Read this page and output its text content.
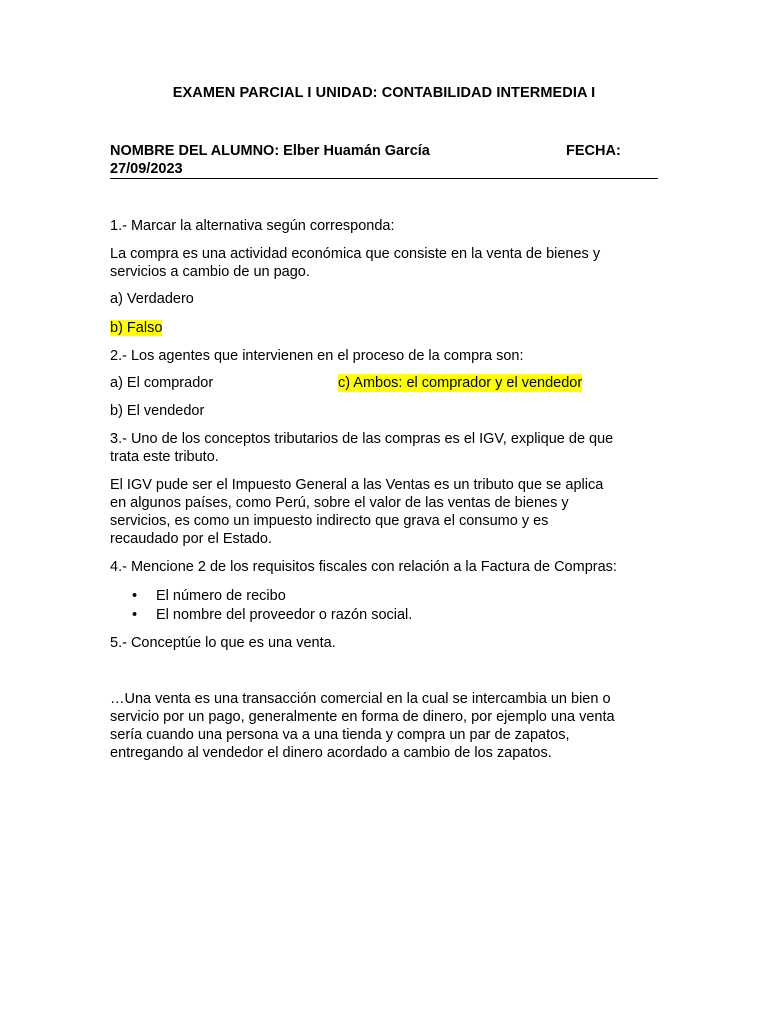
EXAMEN PARCIAL I UNIDAD: CONTABILIDAD INTERMEDIA I
NOMBRE DEL ALUMNO: Elber Huamán García	FECHA:
27/09/2023
1.- Marcar la alternativa según corresponda:
La compra es una actividad económica que consiste en la venta de bienes y
servicios a cambio de un pago.
a) Verdadero
b) Falso
2.- Los agentes que intervienen en el proceso de la compra son:
a) El comprador	c) Ambos: el comprador y el vendedor
b) El vendedor
3.- Uno de los conceptos tributarios de las compras es el IGV, explique de que
trata este tributo.
El IGV pude ser el Impuesto General a las Ventas es un tributo que se aplica
en algunos países, como Perú, sobre el valor de las ventas de bienes y
servicios, es como un impuesto indirecto que grava el consumo y es
recaudado por el Estado.
4.- Mencione 2 de los requisitos fiscales con relación a la Factura de Compras:
• El número de recibo
• El nombre del proveedor o razón social.
5.- Conceptúe lo que es una venta.
…Una venta es una transacción comercial en la cual se intercambia un bien o
servicio por un pago, generalmente en forma de dinero, por ejemplo una venta
sería cuando una persona va a una tienda y compra un par de zapatos,
entregando al vendedor el dinero acordado a cambio de los zapatos.
